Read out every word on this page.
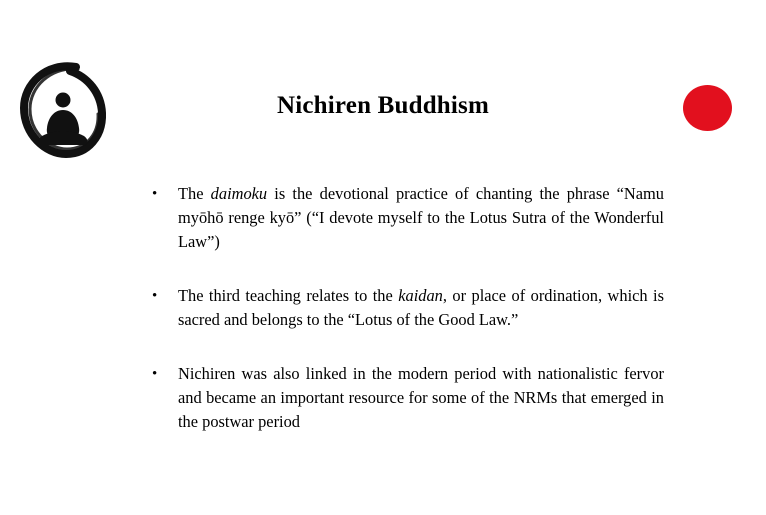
Nichiren Buddhism
•	The daimoku is the devotional practice of chanting the phrase “Namu myōhō renge kyō” (“I devote myself to the Lotus Sutra of the Wonderful Law”)
•	The third teaching relates to the kaidan, or place of ordination, which is sacred and belongs to the “Lotus of the Good Law.”
•	Nichiren was also linked in the modern period with nationalistic fervor and became an important resource for some of the NRMs that emerged in the postwar period
